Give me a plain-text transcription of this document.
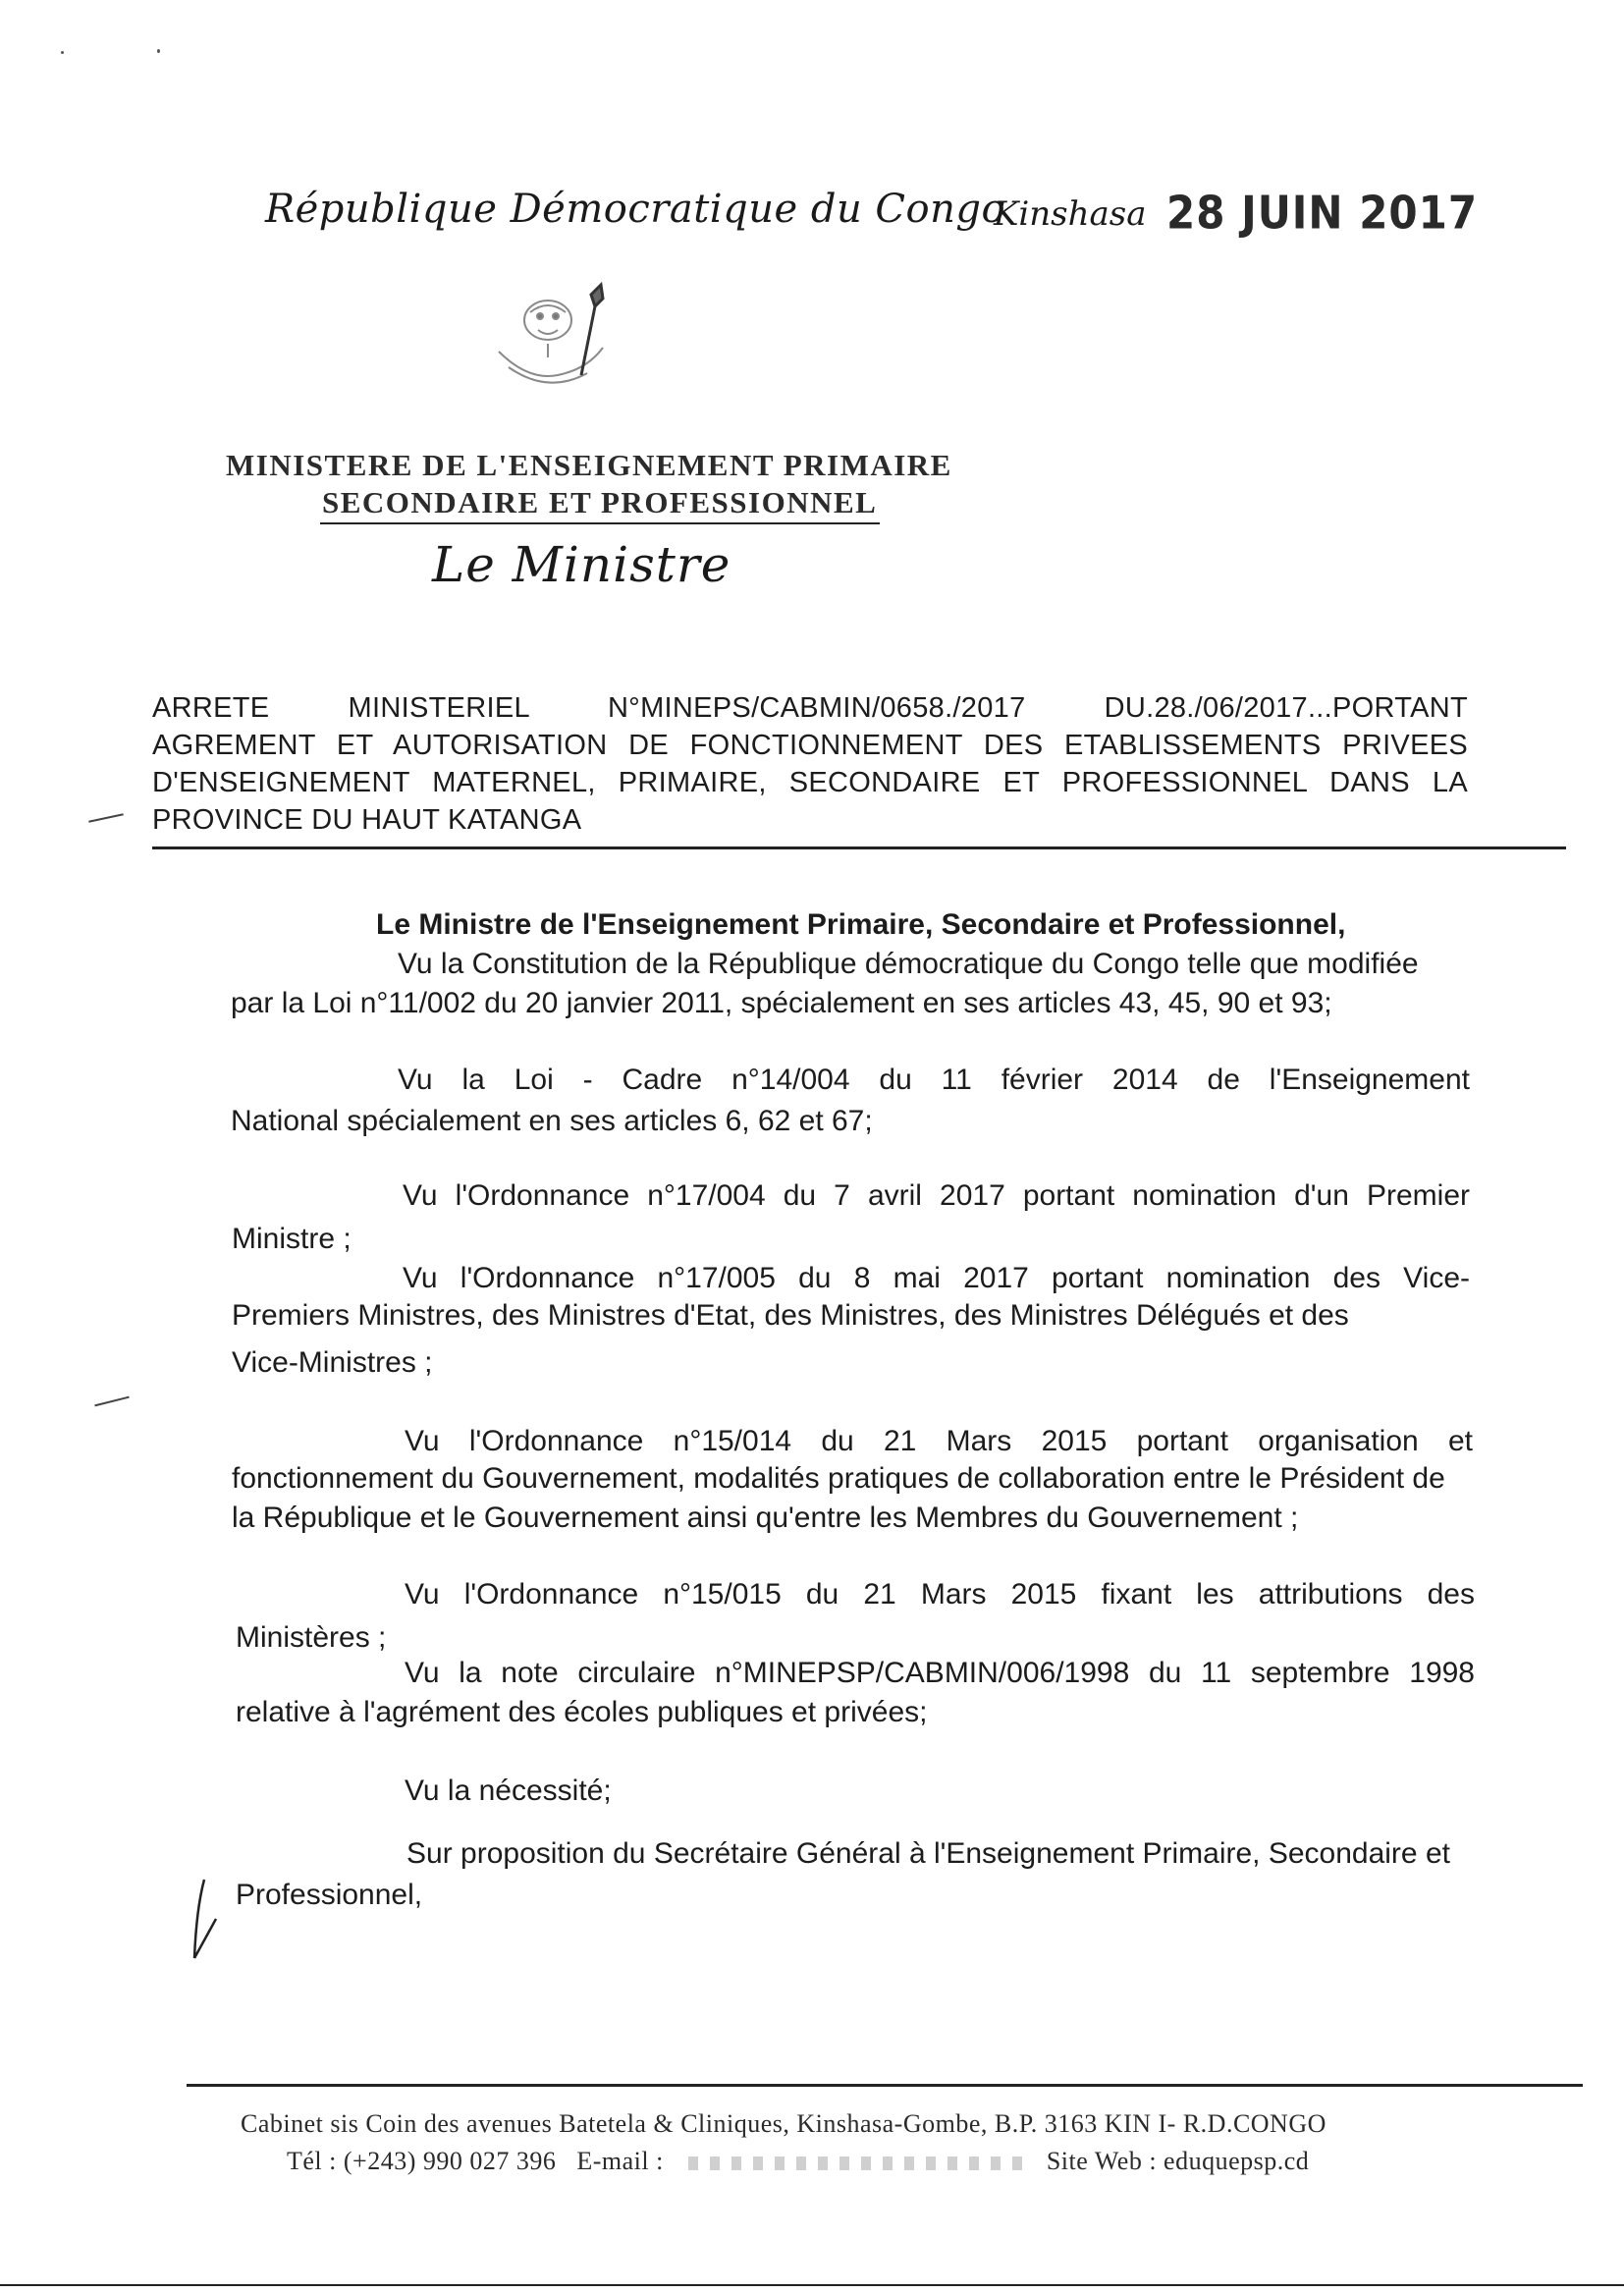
République Démocratique du Congo
Kinshasa 28 JUIN 2017
MINISTERE DE L'ENSEIGNEMENT PRIMAIRE
SECONDAIRE ET PROFESSIONNEL
Le Ministre
ARRETE	MINISTERIEL	N°MINEPS/CABMIN/0658./2017	DU.28./06/2017...PORTANT
AGREMENT ET AUTORISATION DE FONCTIONNEMENT DES ETABLISSEMENTS PRIVEES
D'ENSEIGNEMENT MATERNEL, PRIMAIRE, SECONDAIRE ET PROFESSIONNEL DANS LA
PROVINCE DU HAUT KATANGA
Le Ministre de l'Enseignement Primaire, Secondaire et Professionnel,
Vu la Constitution de la République démocratique du Congo telle que modifiée
par la Loi n°11/002 du 20 janvier 2011, spécialement en ses articles 43, 45, 90 et 93;
Vu la Loi - Cadre n°14/004 du 11 février 2014 de l'Enseignement
National spécialement en ses articles 6, 62 et 67;
Vu l'Ordonnance n°17/004 du 7 avril 2017 portant nomination d'un Premier
Ministre ;
Vu l'Ordonnance n°17/005 du 8 mai 2017 portant nomination des Vice-
Premiers Ministres, des Ministres d'Etat, des Ministres, des Ministres Délégués et des
Vice-Ministres ;
Vu l'Ordonnance n°15/014 du 21 Mars 2015 portant organisation et
fonctionnement du Gouvernement, modalités pratiques de collaboration entre le Président de
la République et le Gouvernement ainsi qu'entre les Membres du Gouvernement ;
Vu l'Ordonnance n°15/015 du 21 Mars 2015 fixant les attributions des
Ministères ;
Vu la note circulaire n°MINEPSP/CABMIN/006/1998 du 11 septembre 1998
relative à l'agrément des écoles publiques et privées;
Vu la nécessité;
Sur proposition du Secrétaire Général à l'Enseignement Primaire, Secondaire et
Professionnel,
Cabinet sis Coin des avenues Batetela & Cliniques, Kinshasa-Gombe, B.P. 3163 KIN I- R.D.CONGO
Tél : (+243) 990 027 396 E-mail :	Site Web : eduquepsp.cd
